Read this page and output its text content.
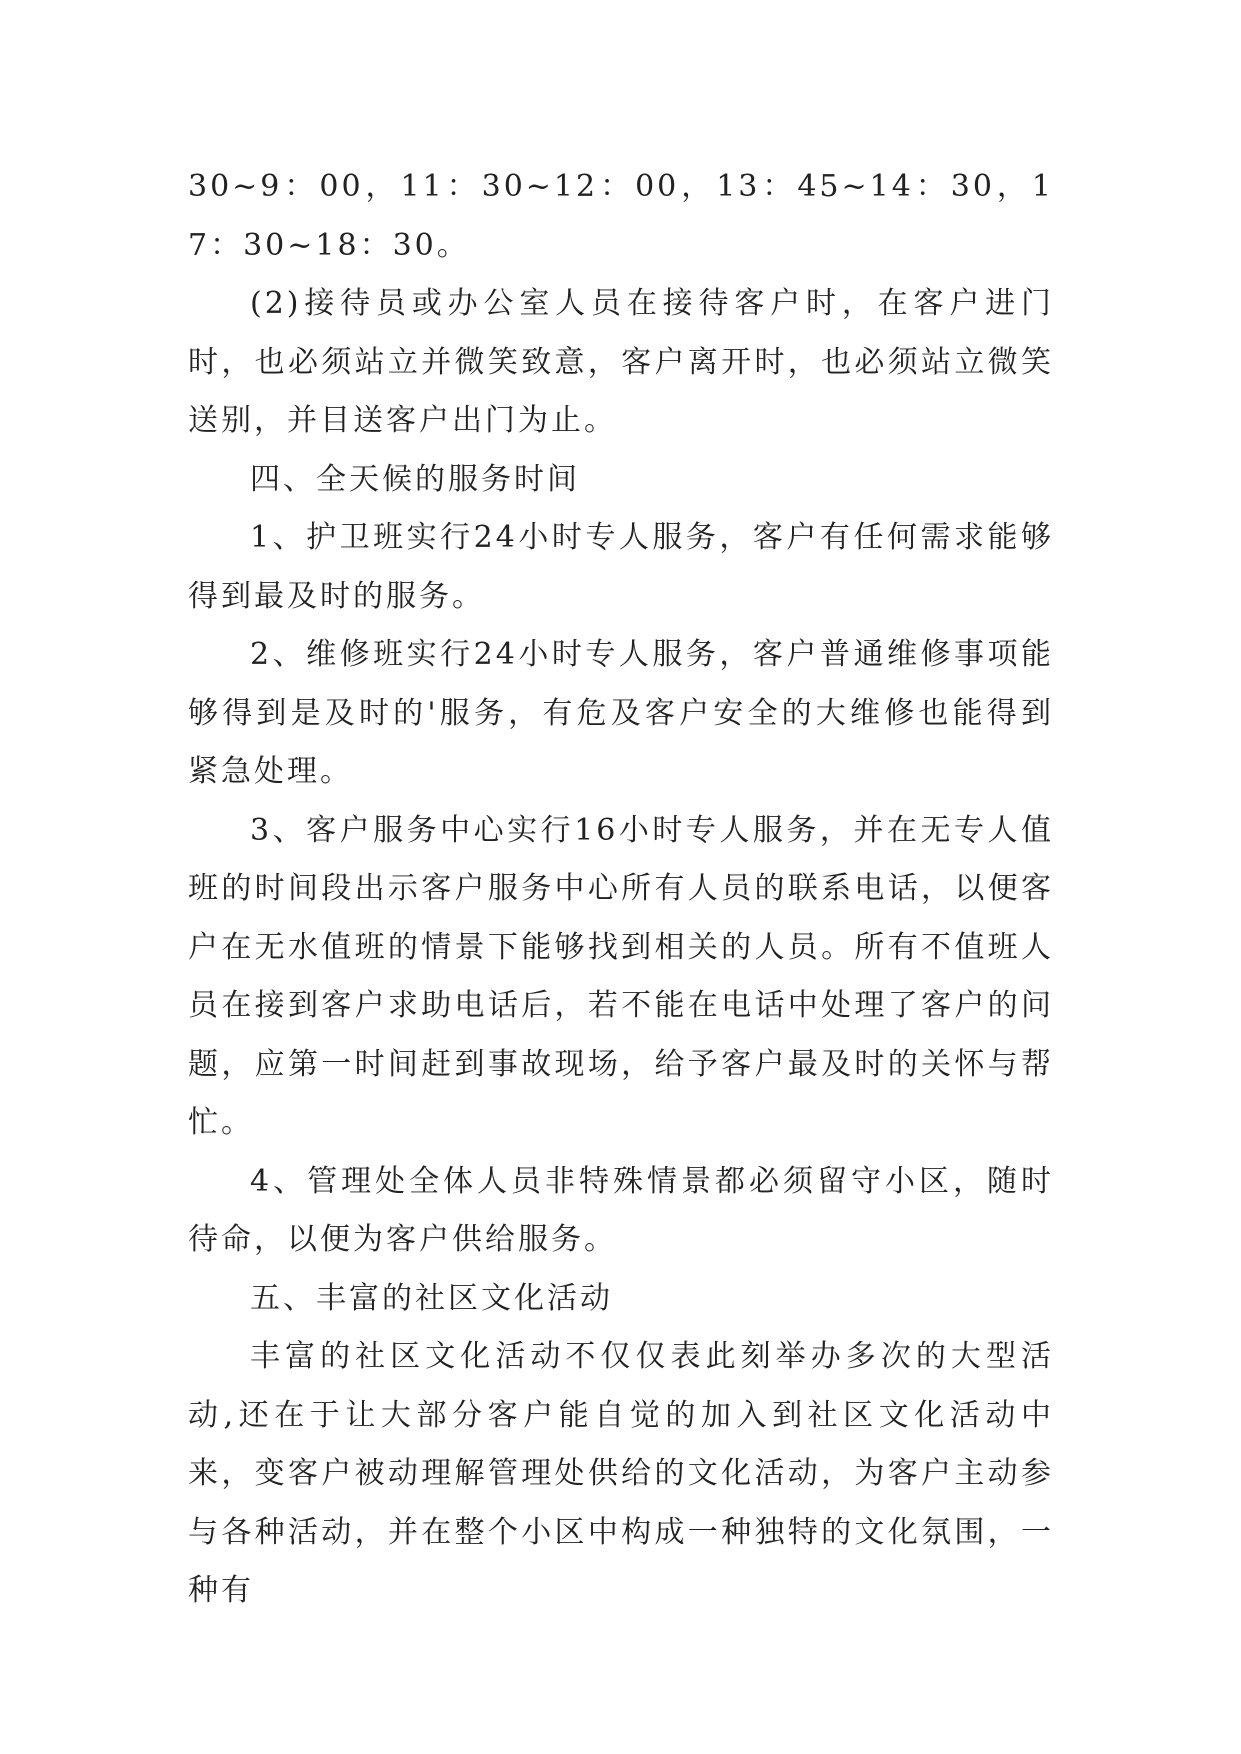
30~9：00，11：30~12：00，13：45~14：30，17：30~18：30。

(2)接待员或办公室人员在接待客户时，在客户进门时，也必须站立并微笑致意，客户离开时，也必须站立微笑送别，并目送客户出门为止。

四、全天候的服务时间

1、护卫班实行24小时专人服务，客户有任何需求能够得到最及时的服务。

2、维修班实行24小时专人服务，客户普通维修事项能够得到是及时的'服务，有危及客户安全的大维修也能得到紧急处理。

3、客户服务中心实行16小时专人服务，并在无专人值班的时间段出示客户服务中心所有人员的联系电话，以便客户在无水值班的情景下能够找到相关的人员。所有不值班人员在接到客户求助电话后，若不能在电话中处理了客户的问题，应第一时间赶到事故现场，给予客户最及时的关怀与帮忙。

4、管理处全体人员非特殊情景都必须留守小区，随时待命，以便为客户供给服务。

五、丰富的社区文化活动

丰富的社区文化活动不仅仅表此刻举办多次的大型活动,还在于让大部分客户能自觉的加入到社区文化活动中来，变客户被动理解管理处供给的文化活动，为客户主动参与各种活动，并在整个小区中构成一种独特的文化氛围，一种有
